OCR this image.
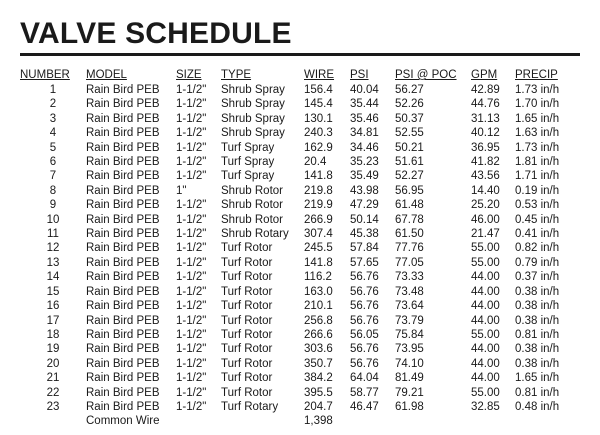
VALVE SCHEDULE
NUMBER	MODEL	SIZE	TYPE	WIRE	PSI	PSI @ POC	GPM	PRECIP
1	Rain Bird PEB	1-1/2"	Shrub Spray	156.4	40.04	56.27	42.89	1.73 in/h
2	Rain Bird PEB	1-1/2"	Shrub Spray	145.4	35.44	52.26	44.76	1.70 in/h
3	Rain Bird PEB	1-1/2"	Shrub Spray	130.1	35.46	50.37	31.13	1.65 in/h
4	Rain Bird PEB	1-1/2"	Shrub Spray	240.3	34.81	52.55	40.12	1.63 in/h
5	Rain Bird PEB	1-1/2"	Turf Spray	162.9	34.46	50.21	36.95	1.73 in/h
6	Rain Bird PEB	1-1/2"	Turf Spray	20.4	35.23	51.61	41.82	1.81 in/h
7	Rain Bird PEB	1-1/2"	Turf Spray	141.8	35.49	52.27	43.56	1.71 in/h
8	Rain Bird PEB	1"	Shrub Rotor	219.8	43.98	56.95	14.40	0.19 in/h
9	Rain Bird PEB	1-1/2"	Shrub Rotor	219.9	47.29	61.48	25.20	0.53 in/h
10	Rain Bird PEB	1-1/2"	Shrub Rotor	266.9	50.14	67.78	46.00	0.45 in/h
11	Rain Bird PEB	1-1/2"	Shrub Rotary	307.4	45.38	61.50	21.47	0.41 in/h
12	Rain Bird PEB	1-1/2"	Turf Rotor	245.5	57.84	77.76	55.00	0.82 in/h
13	Rain Bird PEB	1-1/2"	Turf Rotor	141.8	57.65	77.05	55.00	0.79 in/h
14	Rain Bird PEB	1-1/2"	Turf Rotor	116.2	56.76	73.33	44.00	0.37 in/h
15	Rain Bird PEB	1-1/2"	Turf Rotor	163.0	56.76	73.48	44.00	0.38 in/h
16	Rain Bird PEB	1-1/2"	Turf Rotor	210.1	56.76	73.64	44.00	0.38 in/h
17	Rain Bird PEB	1-1/2"	Turf Rotor	256.8	56.76	73.79	44.00	0.38 in/h
18	Rain Bird PEB	1-1/2"	Turf Rotor	266.6	56.05	75.84	55.00	0.81 in/h
19	Rain Bird PEB	1-1/2"	Turf Rotor	303.6	56.76	73.95	44.00	0.38 in/h
20	Rain Bird PEB	1-1/2"	Turf Rotor	350.7	56.76	74.10	44.00	0.38 in/h
21	Rain Bird PEB	1-1/2"	Turf Rotor	384.2	64.04	81.49	44.00	1.65 in/h
22	Rain Bird PEB	1-1/2"	Turf Rotor	395.5	58.77	79.21	55.00	0.81 in/h
23	Rain Bird PEB	1-1/2"	Turf Rotary	204.7	46.47	61.98	32.85	0.48 in/h
	Common Wire			1,398				
